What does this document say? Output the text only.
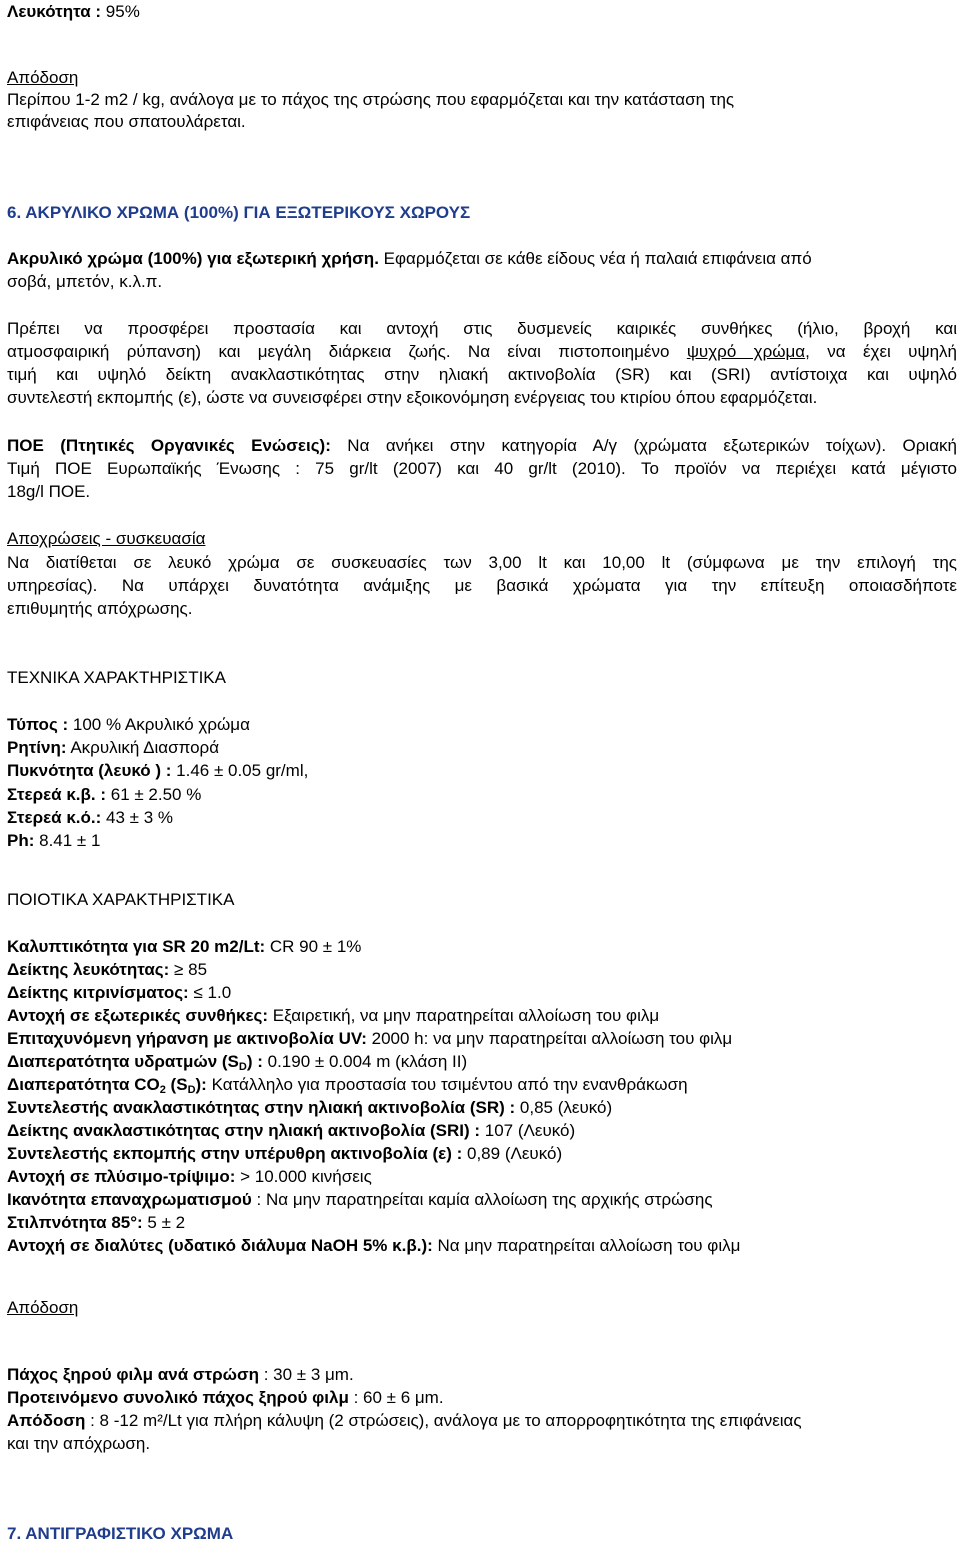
Λευκότητα : 95%
Απόδοση
Περίπου 1-2 m2 / kg, ανάλογα με το πάχος της στρώσης που εφαρμόζεται και την κατάσταση της
επιφάνειας που σπατουλάρεται.
6. ΑΚΡΥΛΙΚΟ ΧΡΩΜΑ (100%) ΓΙΑ ΕΞΩΤΕΡΙΚΟΥΣ ΧΩΡΟΥΣ
Ακρυλικό χρώμα (100%) για εξωτερική χρήση. Εφαρμόζεται σε κάθε είδους νέα ή παλαιά επιφάνεια από
σοβά, μπετόν, κ.λ.π.
Πρέπει να προσφέρει προστασία και αντοχή στις δυσμενείς καιρικές συνθήκες (ήλιο, βροχή και
ατμοσφαιρική ρύπανση) και μεγάλη διάρκεια ζωής. Να είναι πιστοποιημένο ψυχρό χρώμα, να έχει υψηλή
τιμή και υψηλό δείκτη ανακλαστικότητας στην ηλιακή ακτινοβολία (SR) και (SRI) αντίστοιχα και υψηλό
συντελεστή εκπομπής (ε), ώστε να συνεισφέρει στην εξοικονόμηση ενέργειας του κτιρίου όπου εφαρμόζεται.
ΠΟΕ (Πτητικές Οργανικές Ενώσεις): Να ανήκει στην κατηγορία Α/γ (χρώματα εξωτερικών τοίχων). Οριακή
Τιμή ΠΟΕ Ευρωπαϊκής Ένωσης : 75 gr/lt (2007) και 40 gr/lt (2010). Το προϊόν να περιέχει κατά μέγιστο
18g/l ΠΟΕ.
Αποχρώσεις - συσκευασία
Να διατίθεται σε λευκό χρώμα σε συσκευασίες των 3,00 lt και 10,00 lt (σύμφωνα με την επιλογή της
υπηρεσίας). Να υπάρχει δυνατότητα ανάμιξης με βασικά χρώματα για την επίτευξη οποιασδήποτε
επιθυμητής απόχρωσης.
ΤΕΧΝΙΚΑ ΧΑΡΑΚΤΗΡΙΣΤΙΚΑ
Τύπος : 100 % Ακρυλικό χρώμα
Ρητίνη: Ακρυλική Διασπορά
Πυκνότητα (λευκό ) : 1.46 ± 0.05 gr/ml,
Στερεά κ.β. : 61 ± 2.50 %
Στερεά κ.ό.: 43 ± 3 %
Ph: 8.41 ± 1
ΠΟΙΟΤΙΚΑ ΧΑΡΑΚΤΗΡΙΣΤΙΚΑ
Καλυπτικότητα για SR 20 m2/Lt: CR 90 ± 1%
Δείκτης λευκότητας: ≥ 85
Δείκτης κιτρινίσματος: ≤ 1.0
Αντοχή σε εξωτερικές συνθήκες: Εξαιρετική, να μην παρατηρείται αλλοίωση του φιλμ
Επιταχυνόμενη γήρανση με ακτινοβολία UV: 2000 h: να μην παρατηρείται αλλοίωση του φιλμ
Διαπερατότητα υδρατμών $(S_D)$ : 0.190 ± 0.004 m (κλάση ΙΙ)
Διαπερατότητα $CO_2$ $(S_D)$: Κατάλληλο για προστασία του τσιμέντου από την ενανθράκωση
Συντελεστής ανακλαστικότητας στην ηλιακή ακτινοβολία (SR) : 0,85 (λευκό)
Δείκτης ανακλαστικότητας στην ηλιακή ακτινοβολία (SRI) : 107 (Λευκό)
Συντελεστής εκπομπής στην υπέρυθρη ακτινοβολία (ε) : 0,89 (Λευκό)
Αντοχή σε πλύσιμο-τρίψιμο: > 10.000 κινήσεις
Ικανότητα επαναχρωματισμού : Να μην παρατηρείται καμία αλλοίωση της αρχικής στρώσης
Στιλπνότητα 85°: 5 ± 2
Αντοχή σε διαλύτες (υδατικό διάλυμα NaOH 5% κ.β.): Να μην παρατηρείται αλλοίωση του φιλμ
Απόδοση
Πάχος ξηρού φιλμ ανά στρώση : 30 ± 3 μm.
Προτεινόμενο συνολικό πάχος ξηρού φιλμ : 60 ± 6 μm.
Απόδοση : 8 -12 m²/Lt για πλήρη κάλυψη (2 στρώσεις), ανάλογα με το απορροφητικότητα της επιφάνειας
και την απόχρωση.
7. ΑΝΤΙΓΡΑΦΙΣΤΙΚΟ ΧΡΩΜΑ
